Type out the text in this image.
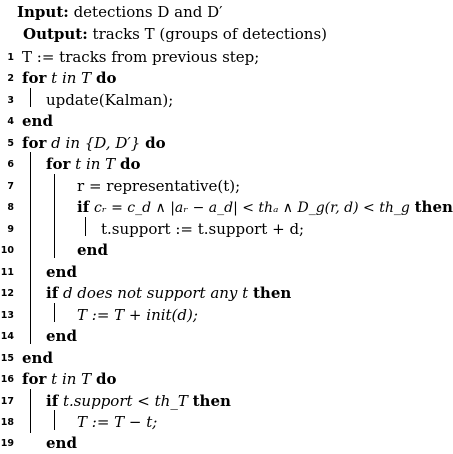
Input: detections D and D′
Output: tracks T (groups of detections)
1 T := tracks from previous step;
2 for t in T do
3 update(Kalman);
4 end
5 for d in {D, D′} do
6 for t in T do
7	r = representative(t);
8	if cᵣ = c_d ∧ |aᵣ − a_d| < thₐ ∧ D_g(r, d) < th_g then
9	t.support := t.support + d;
10	end
11 end
12 if d does not support any t then
13	T := T + init(d);
14 end
15 end
16 for t in T do
17 if t.support < th_T then
18	T := T − t;
19 end
